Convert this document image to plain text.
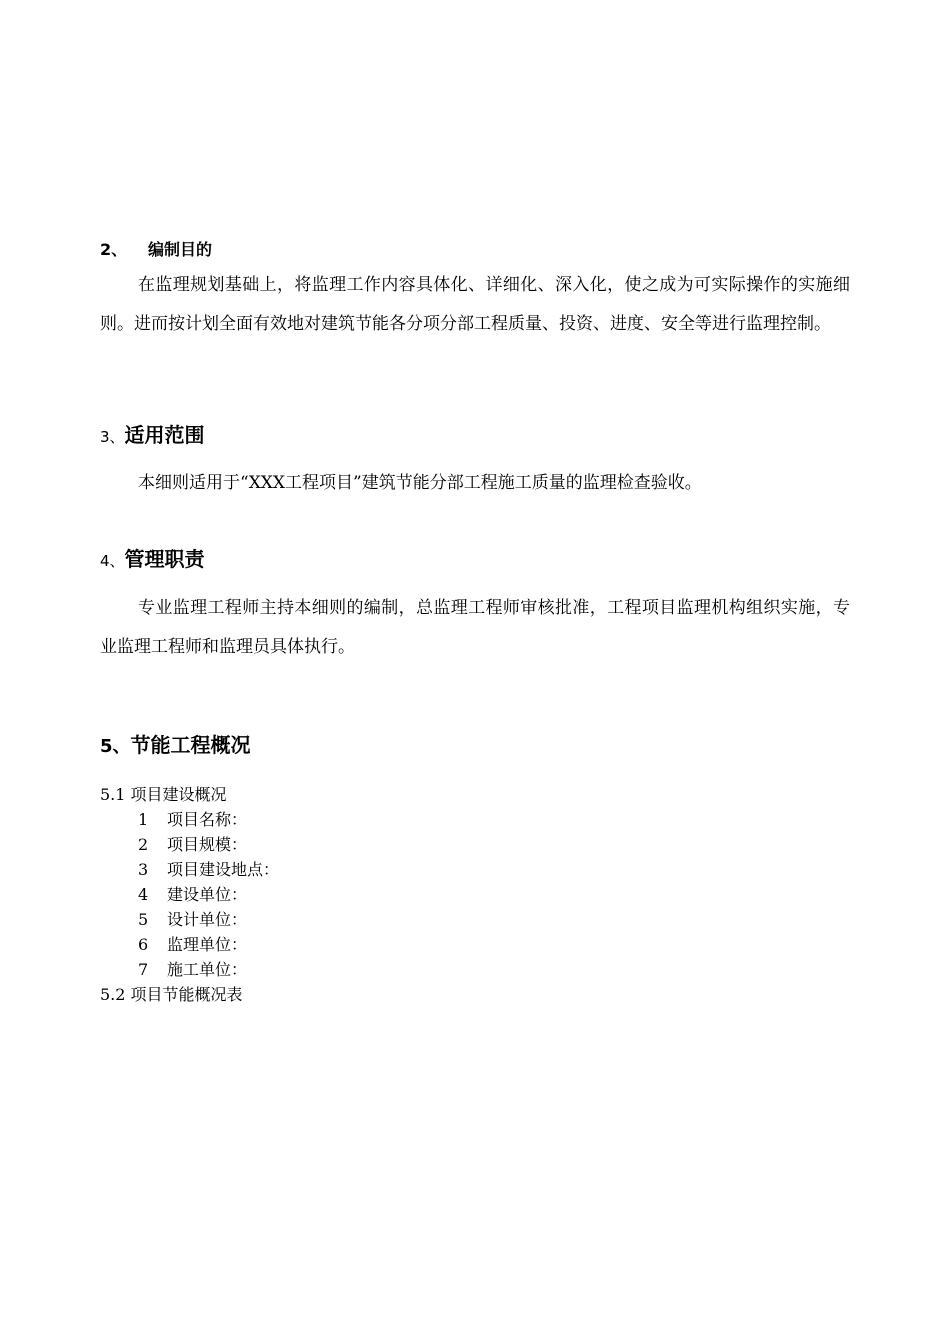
2、 编制目的

在监理规划基础上，将监理工作内容具体化、详细化、深入化，使之成为可实际操作的实施细则。进而按计划全面有效地对建筑节能各分项分部工程质量、投资、进度、安全等进行监理控制。

3、适用范围

本细则适用于“XXX工程项目”建筑节能分部工程施工质量的监理检查验收。

4、管理职责

专业监理工程师主持本细则的编制，总监理工程师审核批准，工程项目监理机构组织实施，专业监理工程师和监理员具体执行。

5、节能工程概况
5.1 项目建设概况
1 项目名称：
2 项目规模：
3 项目建设地点：
4 建设单位：
5 设计单位：
6 监理单位：
7 施工单位：
5.2 项目节能概况表
